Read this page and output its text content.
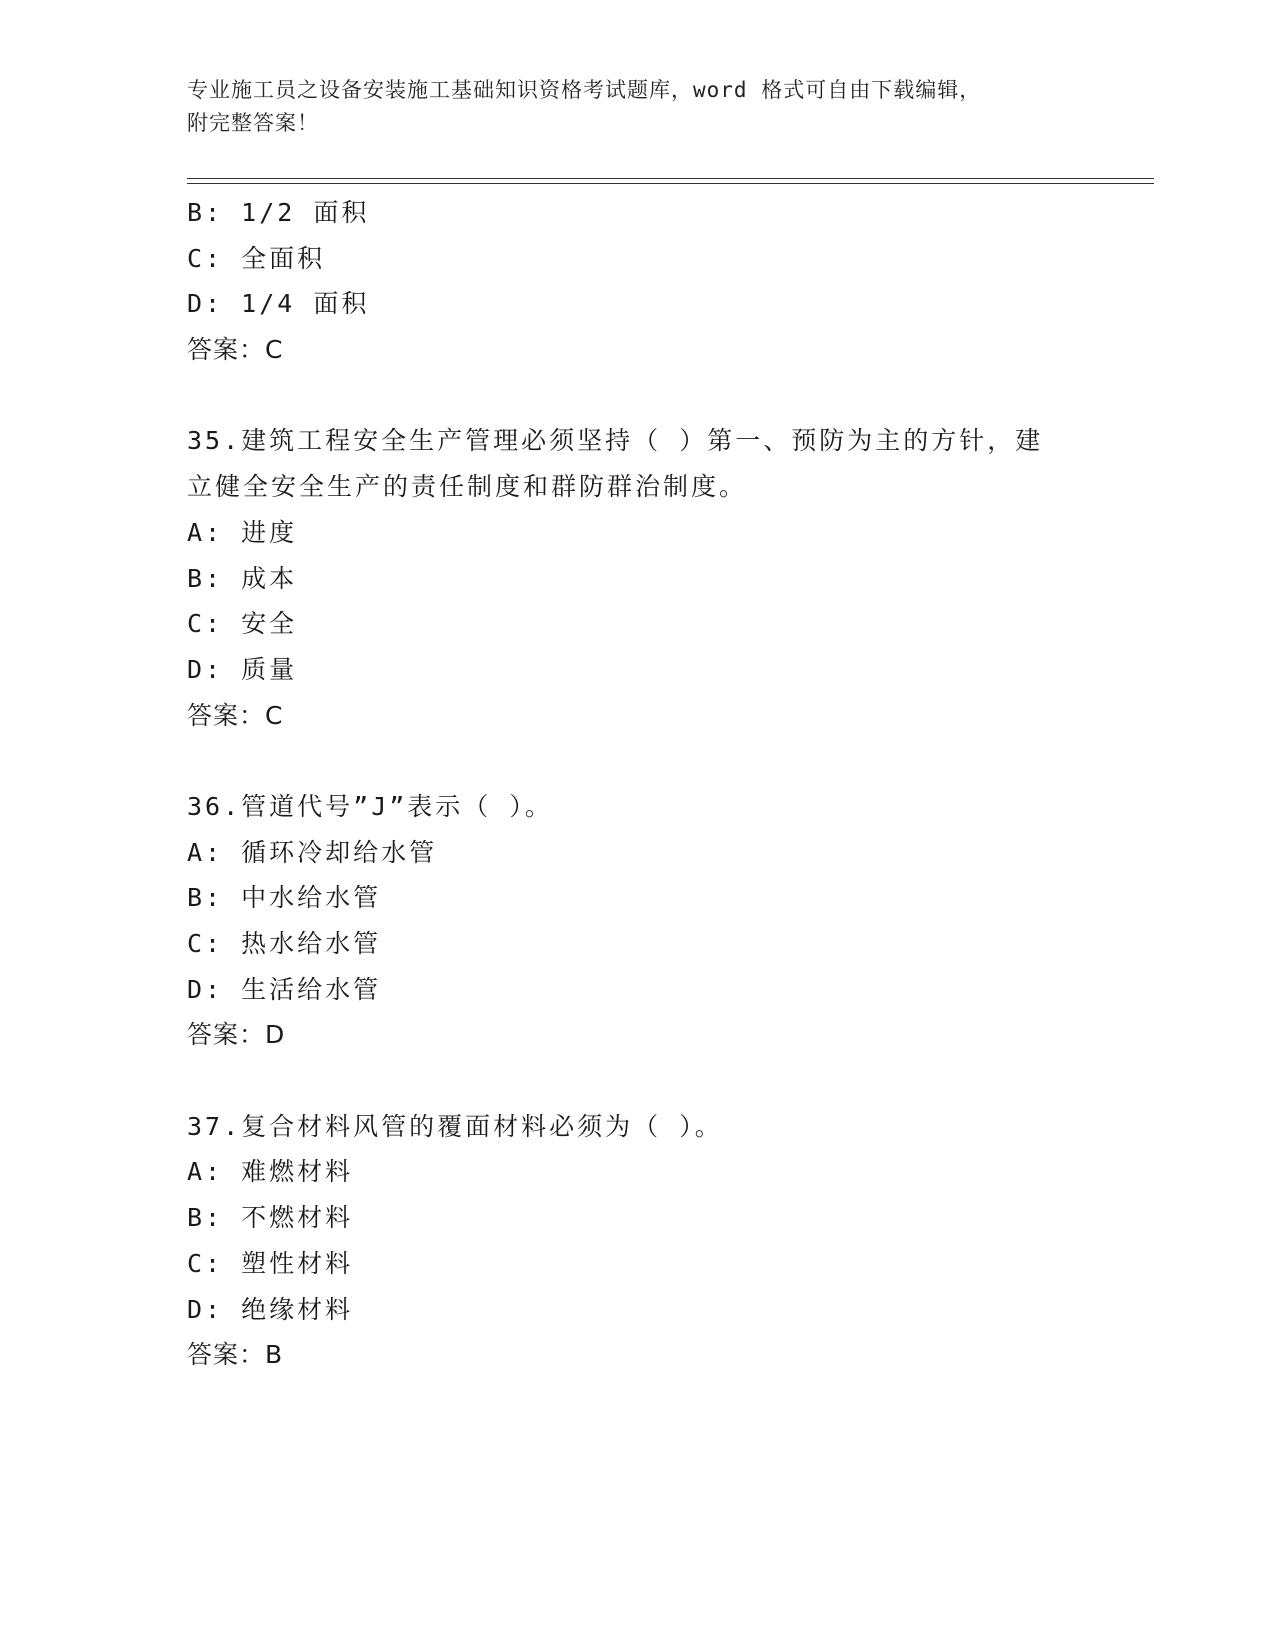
专业施工员之设备安装施工基础知识资格考试题库，word 格式可自由下载编辑，
附完整答案！
B: 1/2 面积
C: 全面积
D: 1/4 面积
答案：C
35.建筑工程安全生产管理必须坚持（ ）第一、预防为主的方针，建
立健全安全生产的责任制度和群防群治制度。
A: 进度
B: 成本
C: 安全
D: 质量
答案：C
36.管道代号”J”表示（ ）。
A: 循环冷却给水管
B: 中水给水管
C: 热水给水管
D: 生活给水管
答案：D
37.复合材料风管的覆面材料必须为（ ）。
A: 难燃材料
B: 不燃材料
C: 塑性材料
D: 绝缘材料
答案：B
